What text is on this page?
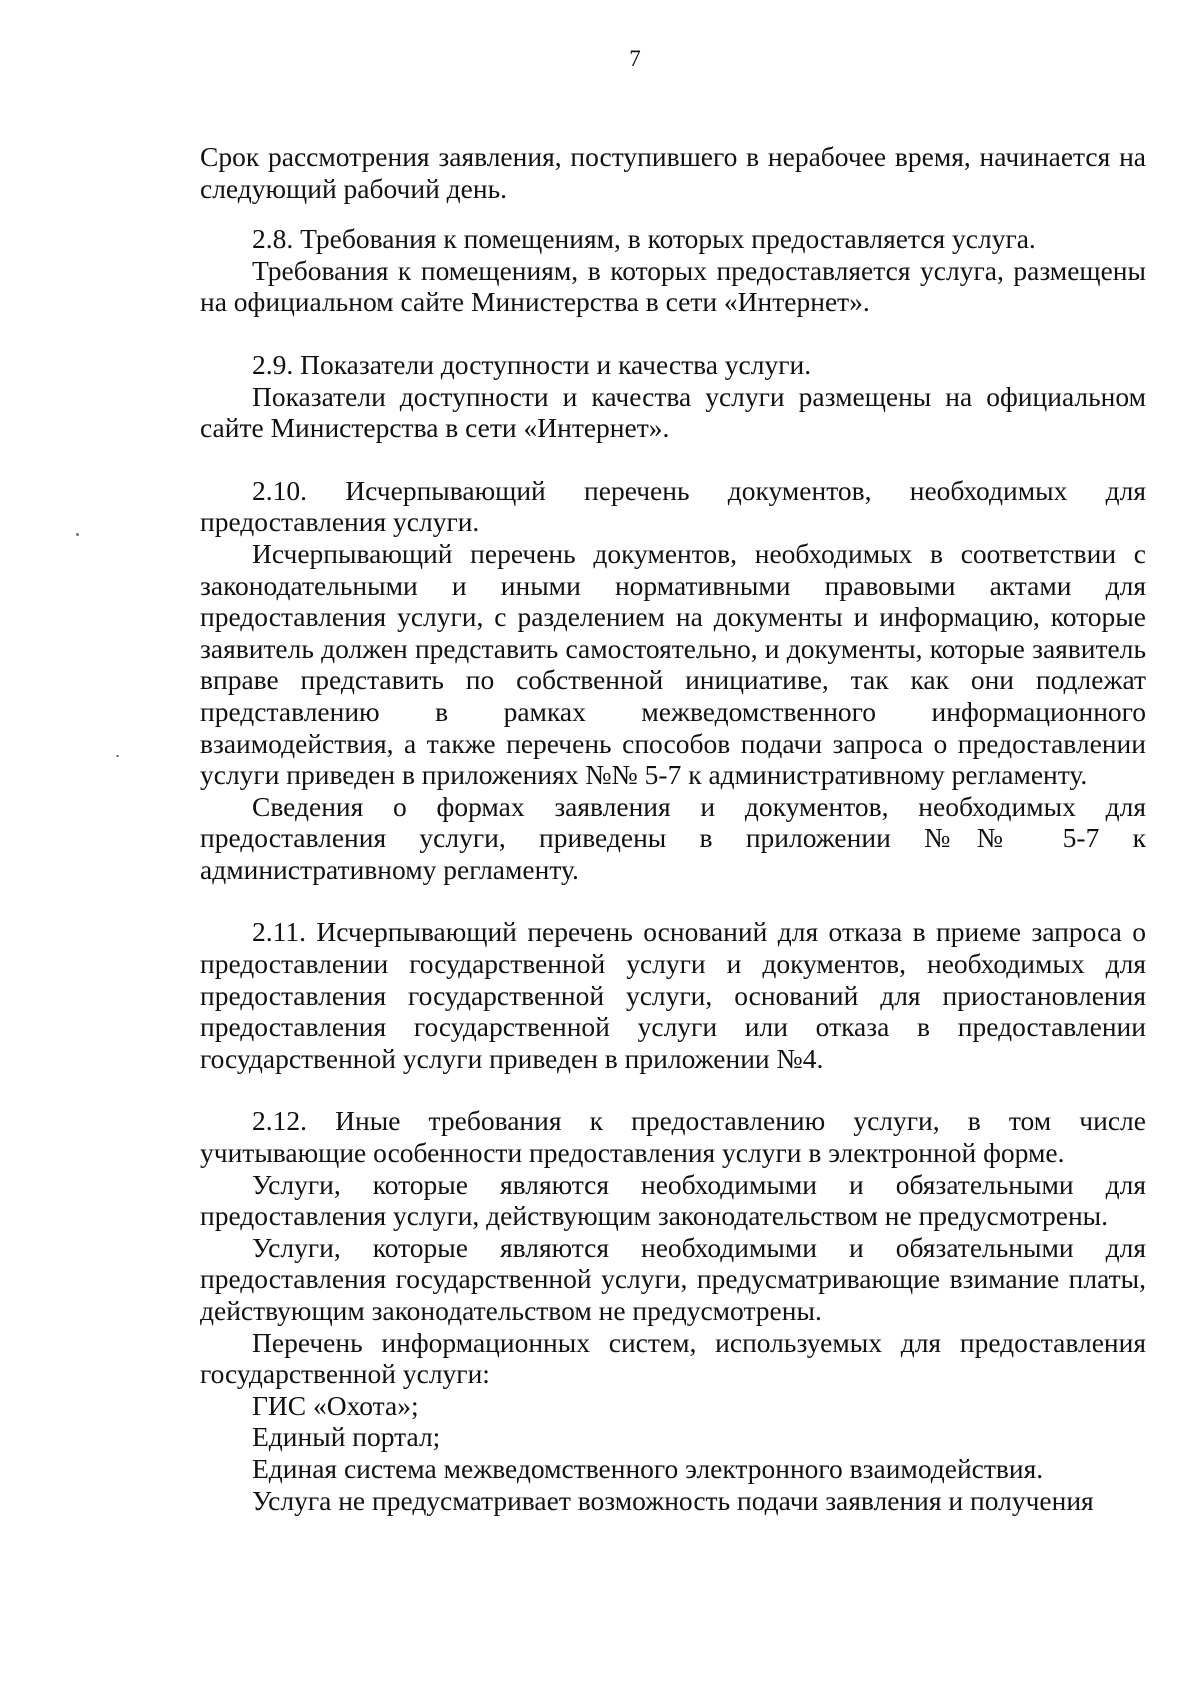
7

Срок рассмотрения заявления, поступившего в нерабочее время, начинается на следующий рабочий день.

2.8. Требования к помещениям, в которых предоставляется услуга.

Требования к помещениям, в которых предоставляется услуга, размещены на официальном сайте Министерства в сети «Интернет».

2.9. Показатели доступности и качества услуги.

Показатели доступности и качества услуги размещены на официальном сайте Министерства в сети «Интернет».

2.10. Исчерпывающий перечень документов, необходимых для предоставления услуги.

Исчерпывающий перечень документов, необходимых в соответствии с законодательными и иными нормативными правовыми актами для предоставления услуги, с разделением на документы и информацию, которые заявитель должен представить самостоятельно, и документы, которые заявитель вправе представить по собственной инициативе, так как они подлежат представлению в рамках межведомственного информационного взаимодействия, а также перечень способов подачи запроса о предоставлении услуги приведен в приложениях №№ 5-7 к административному регламенту.

Сведения о формах заявления и документов, необходимых для предоставления услуги, приведены в приложении №№ 5-7 к административному регламенту.

2.11. Исчерпывающий перечень оснований для отказа в приеме запроса о предоставлении государственной услуги и документов, необходимых для предоставления государственной услуги, оснований для приостановления предоставления государственной услуги или отказа в предоставлении государственной услуги приведен в приложении №4.

2.12. Иные требования к предоставлению услуги, в том числе учитывающие особенности предоставления услуги в электронной форме.

Услуги, которые являются необходимыми и обязательными для предоставления услуги, действующим законодательством не предусмотрены.

Услуги, которые являются необходимыми и обязательными для предоставления государственной услуги, предусматривающие взимание платы, действующим законодательством не предусмотрены.

Перечень информационных систем, используемых для предоставления государственной услуги:

ГИС «Охота»;

Единый портал;

Единая система межведомственного электронного взаимодействия.

Услуга не предусматривает возможность подачи заявления и получения
